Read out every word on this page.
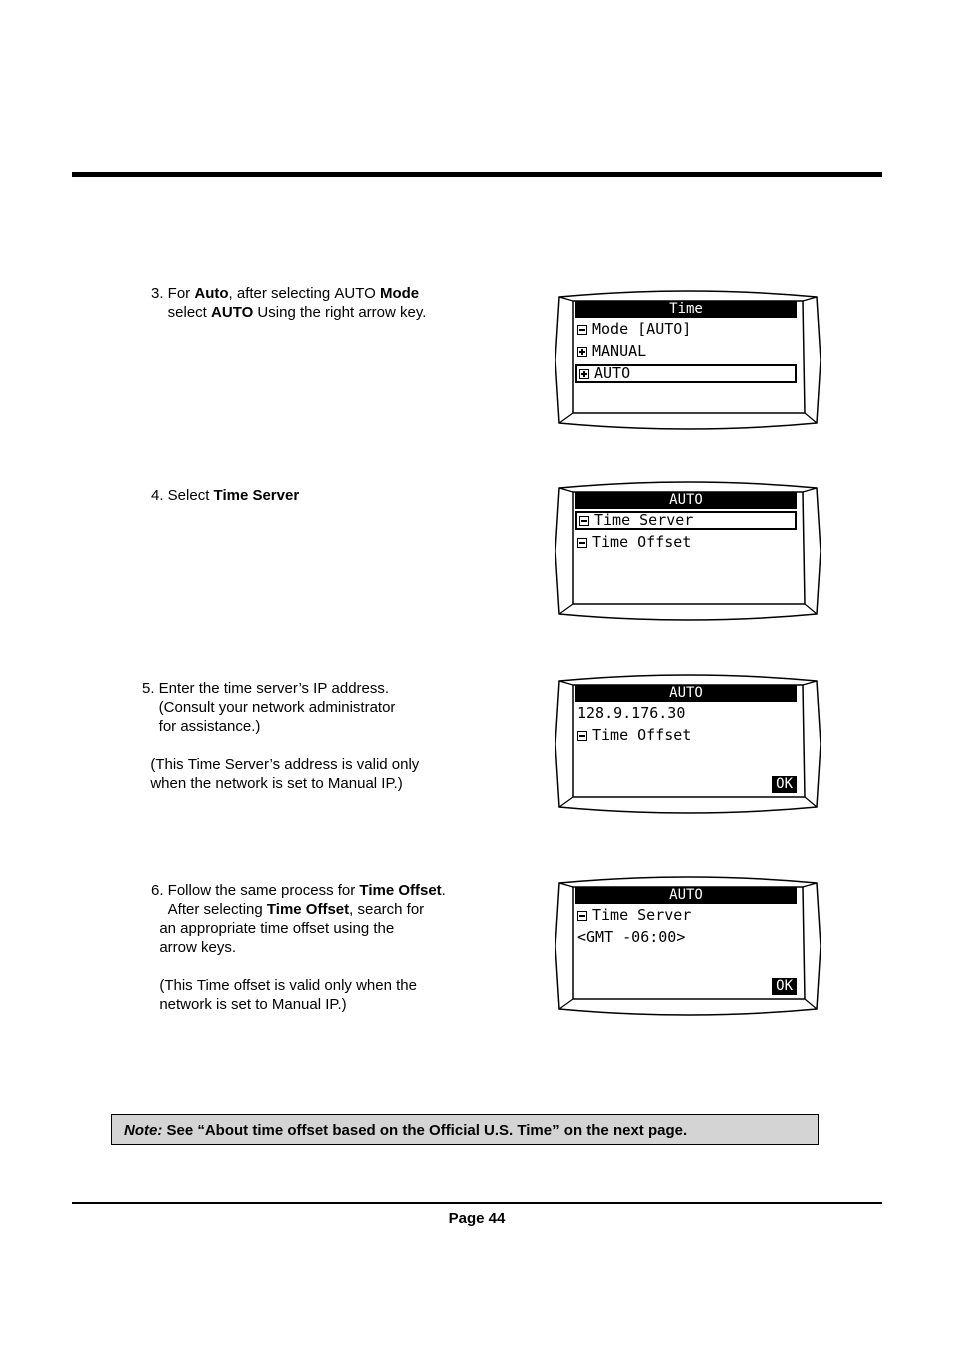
3. For Auto, after selecting AUTO Mode
select AUTO Using the right arrow key.
4. Select Time Server
5. Enter the time server’s IP address.
(Consult your network administrator
for assistance.)

(This Time Server’s address is valid only
when the network is set to Manual IP.)
6. Follow the same process for Time Offset.
After selecting Time Offset, search for
an appropriate time offset using the
arrow keys.

(This Time offset is valid only when the
network is set to Manual IP.)
Time
Mode [AUTO]
MANUAL
AUTO
AUTO
Time Server
Time Offset
AUTO
128.9.176.30
Time Offset
OK
AUTO
Time Server
<GMT -06:00>
OK
Note: See “About time offset based on the Official U.S. Time” on the next page.
Page 44
